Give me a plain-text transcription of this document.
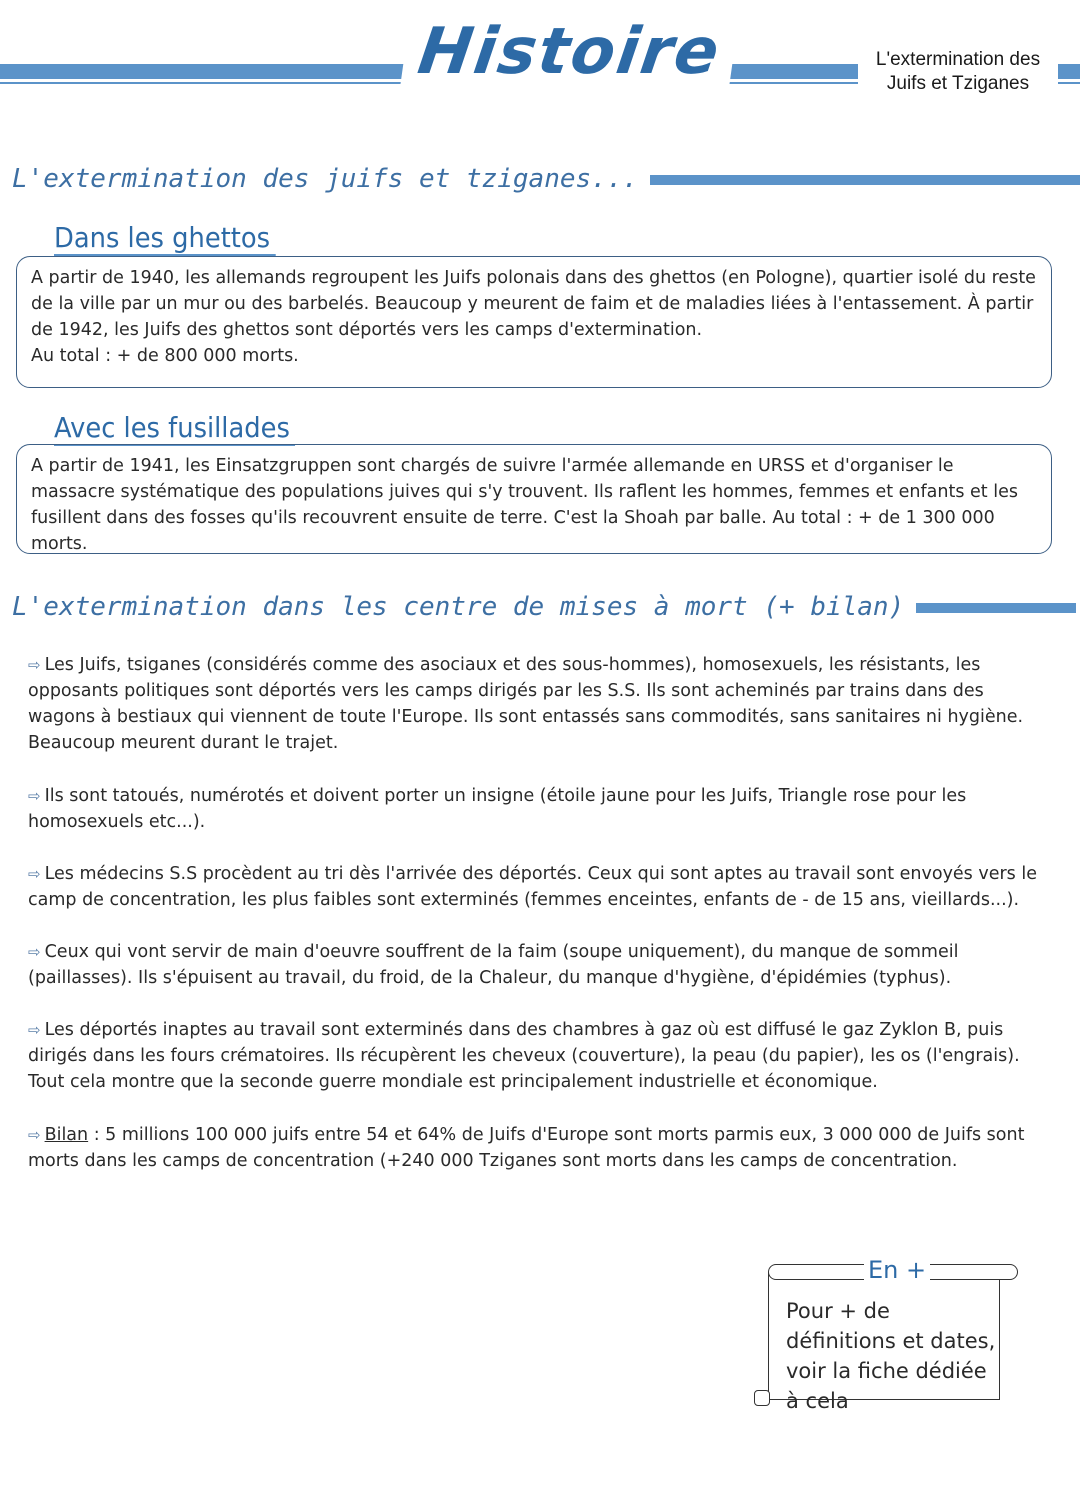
Histoire	L'extermination des
Juifs et Tziganes
L'extermination des juifs et tziganes...
Dans les ghettos

A partir de 1940, les allemands regroupent les Juifs polonais dans des ghettos (en Pologne), quartier isolé du reste de la ville par un mur ou des barbelés. Beaucoup y meurent de faim et de maladies liées à l'entassement. À partir de 1942, les Juifs des ghettos sont déportés vers les camps d'extermination.

Au total : + de 800 000 morts.

Avec les fusillades

A partir de 1941, les Einsatzgruppen sont chargés de suivre l'armée allemande en URSS et d'organiser le massacre systématique des populations juives qui s'y trouvent. Ils raflent les hommes, femmes et enfants et les fusillent dans des fosses qu'ils recouvrent ensuite de terre. C'est la Shoah par balle. Au total : + de 1 300 000 morts.

L'extermination dans les centre de mises à mort (+ bilan)

⇨ Les Juifs, tsiganes (considérés comme des asociaux et des sous-hommes), homosexuels, les résistants, les opposants politiques sont déportés vers les camps dirigés par les S.S. Ils sont acheminés par trains dans des wagons à bestiaux qui viennent de toute l'Europe. Ils sont entassés sans commodités, sans sanitaires ni hygiène. Beaucoup meurent durant le trajet.

⇨ Ils sont tatoués, numérotés et doivent porter un insigne (étoile jaune pour les Juifs, Triangle rose pour les homosexuels etc...).

⇨ Les médecins S.S procèdent au tri dès l'arrivée des déportés. Ceux qui sont aptes au travail sont envoyés vers le camp de concentration, les plus faibles sont exterminés (femmes enceintes, enfants de - de 15 ans, vieillards...).

⇨ Ceux qui vont servir de main d'oeuvre souffrent de la faim (soupe uniquement), du manque de sommeil (paillasses). Ils s'épuisent au travail, du froid, de la Chaleur, du manque d'hygiène, d'épidémies (typhus).

⇨ Les déportés inaptes au travail sont exterminés dans des chambres à gaz où est diffusé le gaz Zyklon B, puis dirigés dans les fours crématoires. Ils récupèrent les cheveux (couverture), la peau (du papier), les os (l'engrais).

Tout cela montre que la seconde guerre mondiale est principalement industrielle et économique.

⇨ Bilan : 5 millions 100 000 juifs entre 54 et 64% de Juifs d'Europe sont morts parmis eux, 3 000 000 de Juifs sont morts dans les camps de concentration (+240 000 Tziganes sont morts dans les camps de concentration.

En +
Pour + de définitions et dates, voir la fiche dédiée à cela
